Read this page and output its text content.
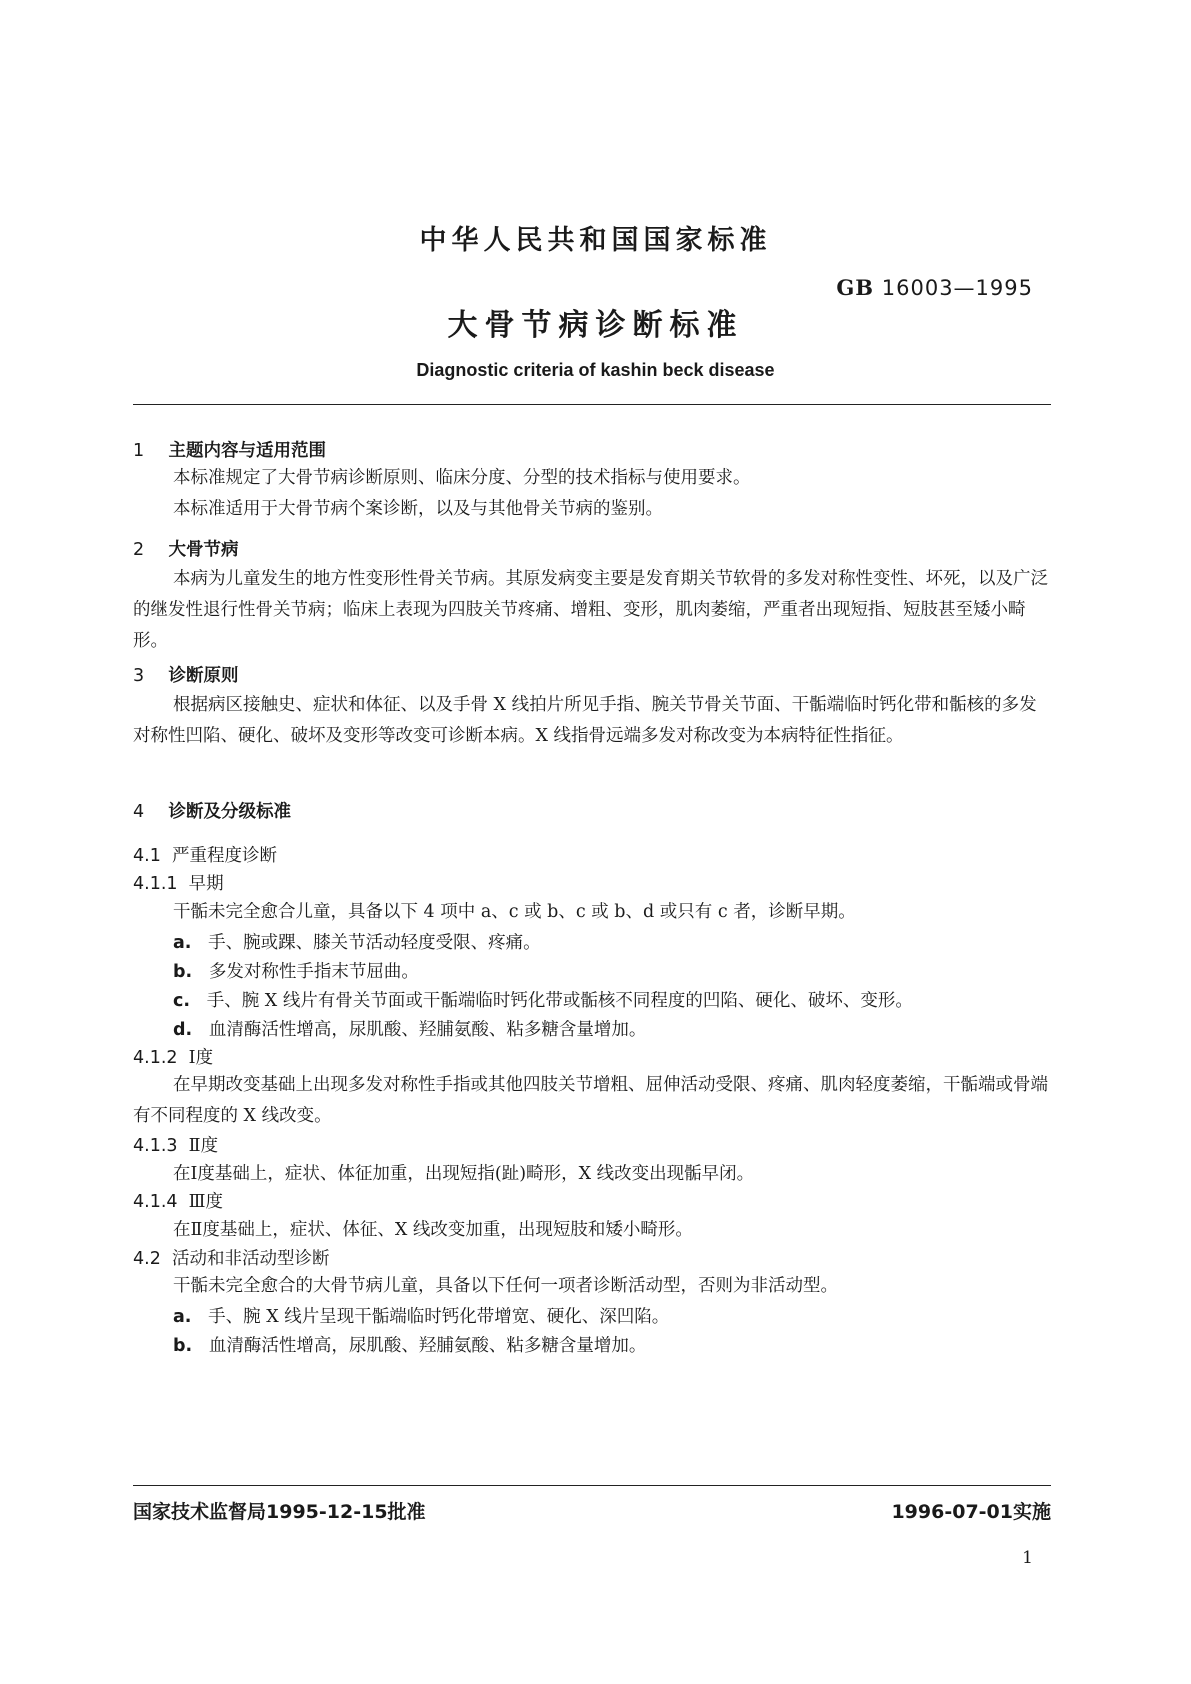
中华人民共和国国家标准
GB 16003—1995
大骨节病诊断标准
Diagnostic criteria of kashin beck disease
1 主题内容与适用范围
本标准规定了大骨节病诊断原则、临床分度、分型的技术指标与使用要求。
本标准适用于大骨节病个案诊断，以及与其他骨关节病的鉴别。
2 大骨节病
本病为儿童发生的地方性变形性骨关节病。其原发病变主要是发育期关节软骨的多发对称性变性、坏死，以及广泛的继发性退行性骨关节病；临床上表现为四肢关节疼痛、增粗、变形，肌肉萎缩，严重者出现短指、短肢甚至矮小畸形。
3 诊断原则
根据病区接触史、症状和体征、以及手骨 X 线拍片所见手指、腕关节骨关节面、干骺端临时钙化带和骺核的多发对称性凹陷、硬化、破坏及变形等改变可诊断本病。X 线指骨远端多发对称改变为本病特征性指征。
4 诊断及分级标准
4.1 严重程度诊断
4.1.1 早期
干骺未完全愈合儿童，具备以下 4 项中 a、c 或 b、c 或 b、d 或只有 c 者，诊断早期。
a. 手、腕或踝、膝关节活动轻度受限、疼痛。
b. 多发对称性手指末节屈曲。
c. 手、腕 X 线片有骨关节面或干骺端临时钙化带或骺核不同程度的凹陷、硬化、破坏、变形。
d. 血清酶活性增高，尿肌酸、羟脯氨酸、粘多糖含量增加。
4.1.2 Ⅰ度
在早期改变基础上出现多发对称性手指或其他四肢关节增粗、屈伸活动受限、疼痛、肌肉轻度萎缩，干骺端或骨端有不同程度的 X 线改变。
4.1.3 Ⅱ度
在Ⅰ度基础上，症状、体征加重，出现短指(趾)畸形，X 线改变出现骺早闭。
4.1.4 Ⅲ度
在Ⅱ度基础上，症状、体征、X 线改变加重，出现短肢和矮小畸形。
4.2 活动和非活动型诊断
干骺未完全愈合的大骨节病儿童，具备以下任何一项者诊断活动型，否则为非活动型。
a. 手、腕 X 线片呈现干骺端临时钙化带增宽、硬化、深凹陷。
b. 血清酶活性增高，尿肌酸、羟脯氨酸、粘多糖含量增加。
国家技术监督局1995-12-15批准	1996-07-01实施
1
